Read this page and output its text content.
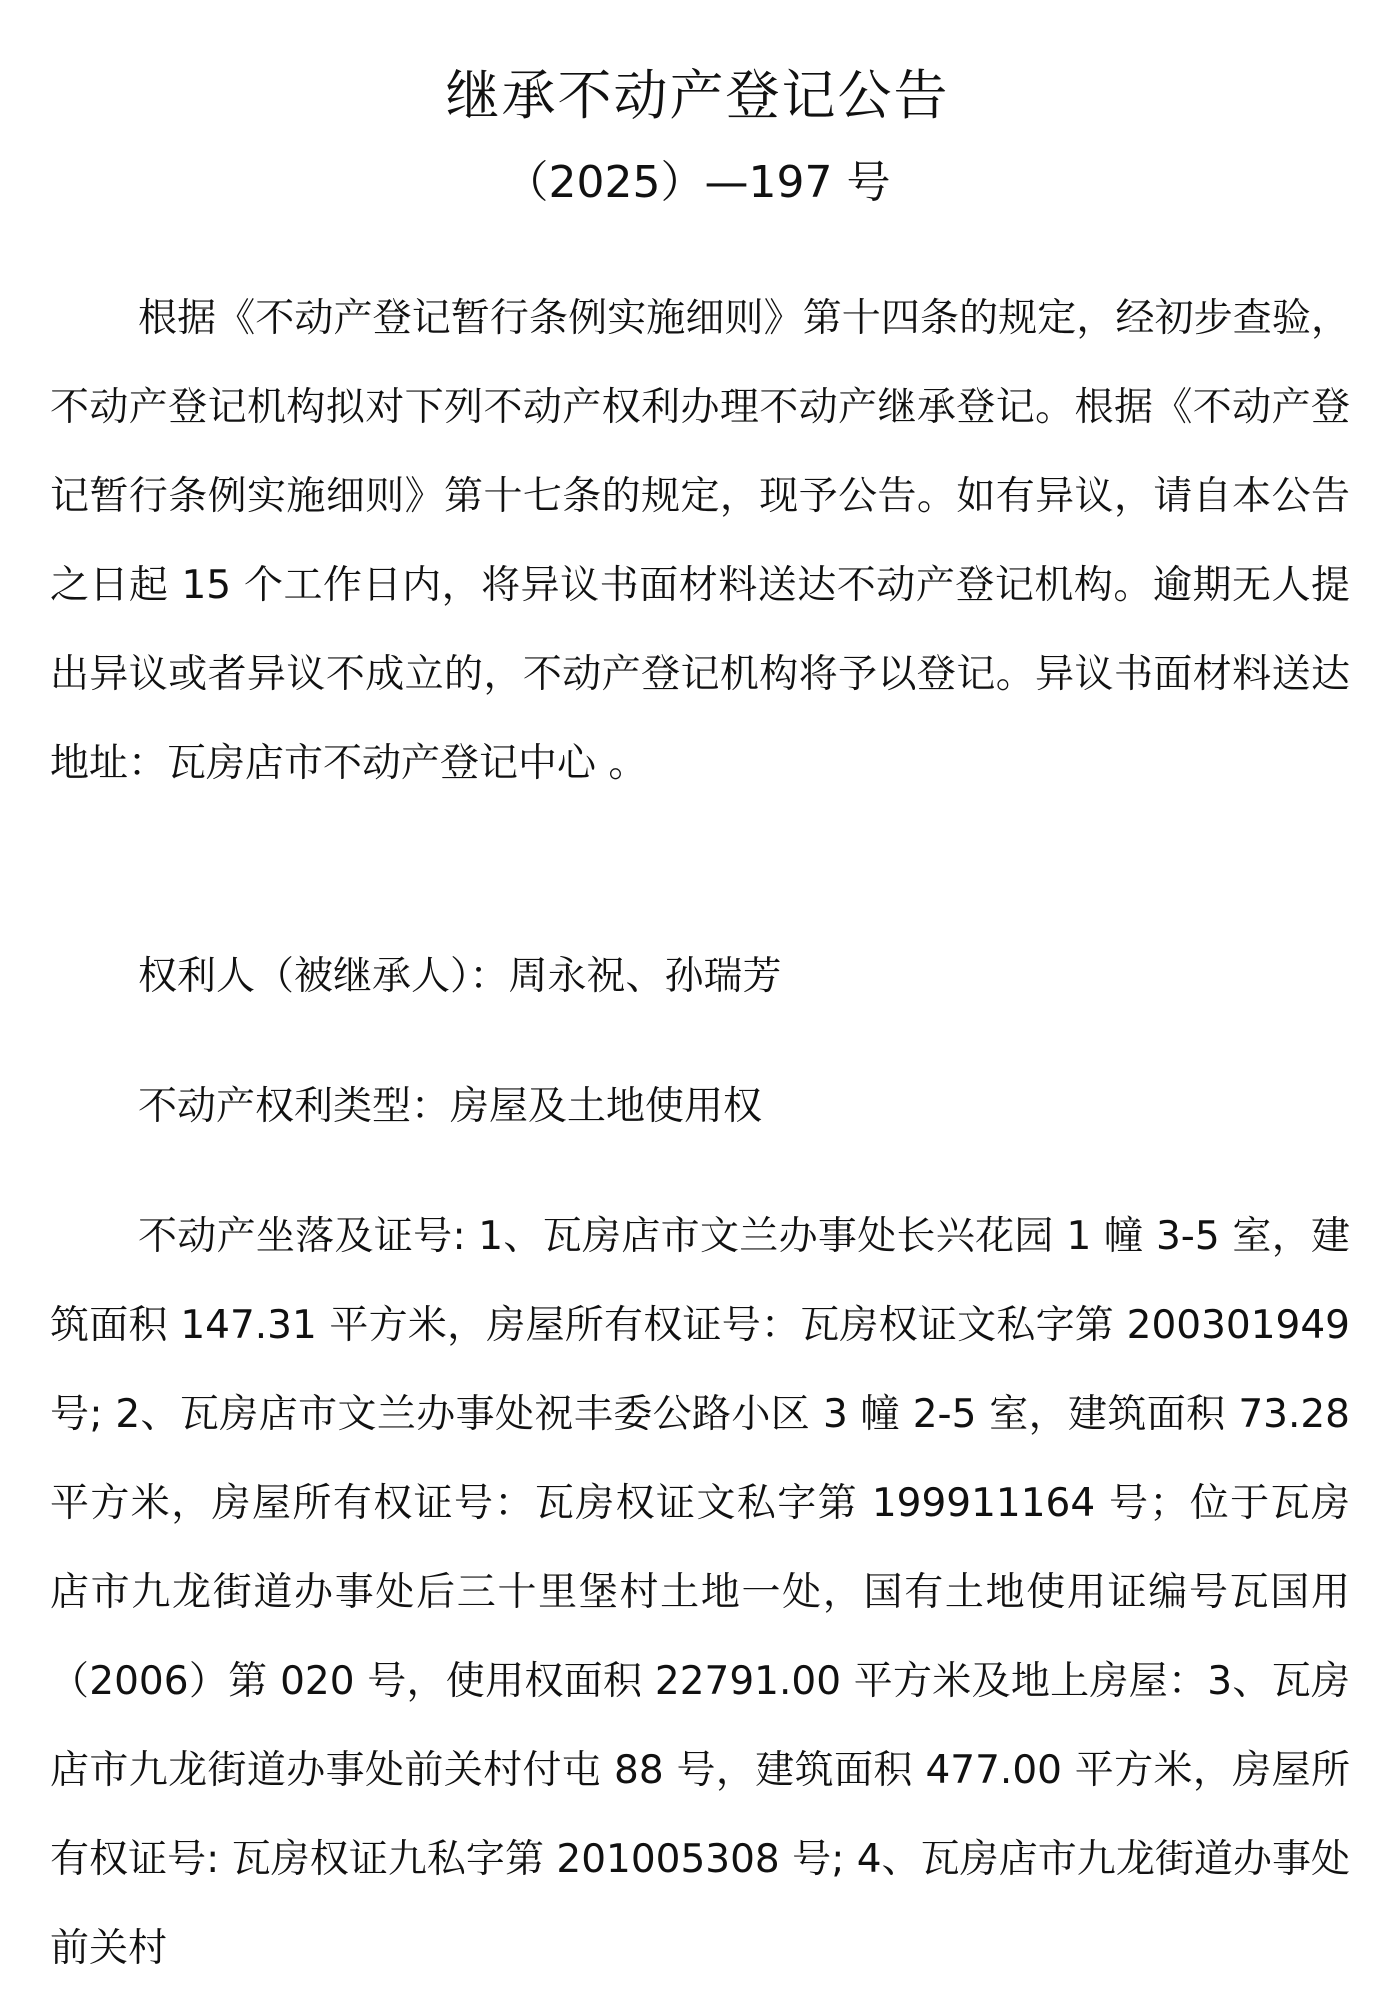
继承不动产登记公告
（2025）—197 号

根据《不动产登记暂行条例实施细则》第十四条的规定，经初步查验，不动产登记机构拟对下列不动产权利办理不动产继承登记。根据《不动产登记暂行条例实施细则》第十七条的规定，现予公告。如有异议，请自本公告之日起 15 个工作日内，将异议书面材料送达不动产登记机构。逾期无人提出异议或者异议不成立的，不动产登记机构将予以登记。异议书面材料送达地址：瓦房店市不动产登记中心 。

权利人（被继承人）：周永祝、孙瑞芳

不动产权利类型：房屋及土地使用权

不动产坐落及证号: 1、瓦房店市文兰办事处长兴花园 1 幢 3-5 室，建筑面积 147.31 平方米，房屋所有权证号：瓦房权证文私字第 200301949 号; 2、瓦房店市文兰办事处祝丰委公路小区 3 幢 2-5 室，建筑面积 73.28 平方米，房屋所有权证号：瓦房权证文私字第 199911164 号；位于瓦房店市九龙街道办事处后三十里堡村土地一处，国有土地使用证编号瓦国用（2006）第 020 号，使用权面积 22791.00 平方米及地上房屋：3、瓦房店市九龙街道办事处前关村付屯 88 号，建筑面积 477.00 平方米，房屋所有权证号: 瓦房权证九私字第 201005308 号; 4、瓦房店市九龙街道办事处前关村
